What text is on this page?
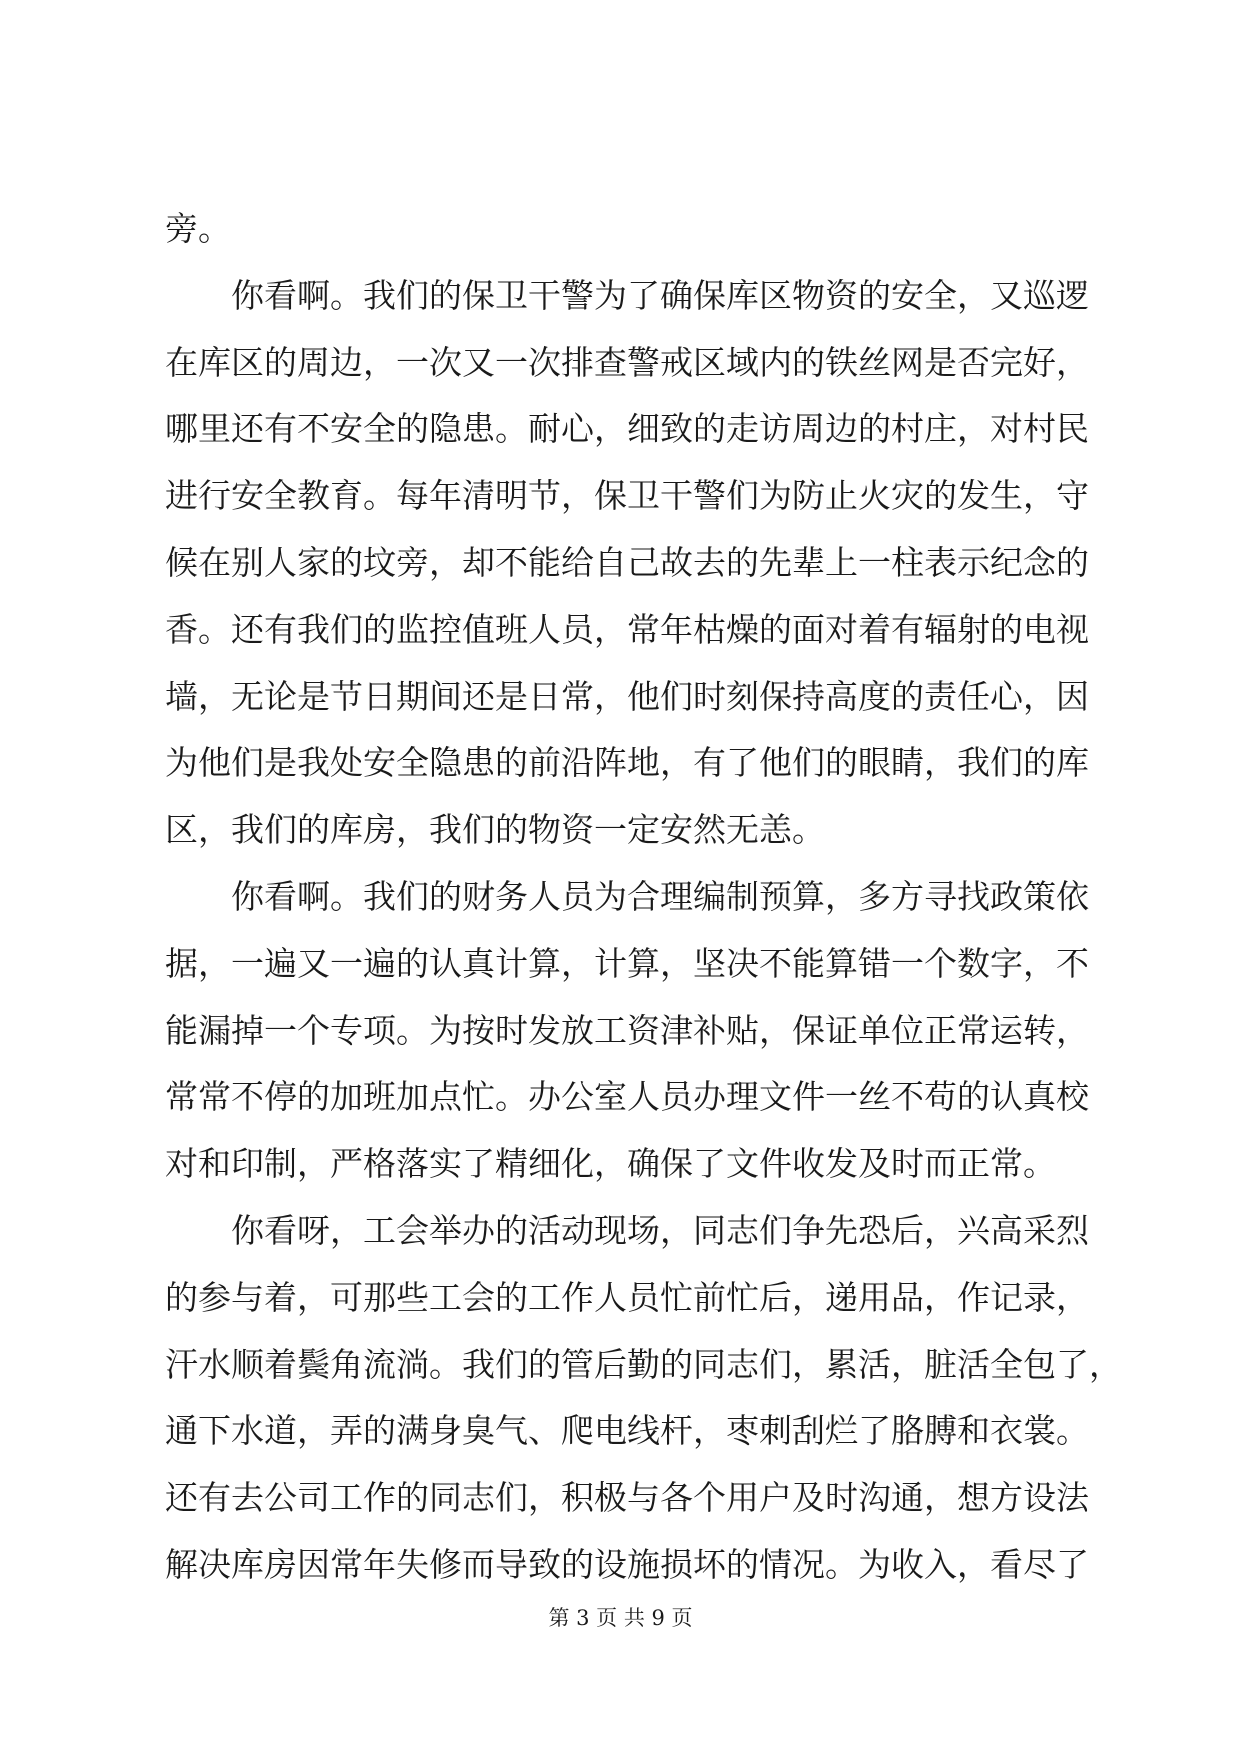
旁。
你看啊。我们的保卫干警为了确保库区物资的安全，又巡逻
在库区的周边，一次又一次排查警戒区域内的铁丝网是否完好，
哪里还有不安全的隐患。耐心，细致的走访周边的村庄，对村民
进行安全教育。每年清明节，保卫干警们为防止火灾的发生，守
候在别人家的坟旁，却不能给自己故去的先辈上一柱表示纪念的
香。还有我们的监控值班人员，常年枯燥的面对着有辐射的电视
墙，无论是节日期间还是日常，他们时刻保持高度的责任心，因
为他们是我处安全隐患的前沿阵地，有了他们的眼睛，我们的库
区，我们的库房，我们的物资一定安然无恙。
你看啊。我们的财务人员为合理编制预算，多方寻找政策依
据，一遍又一遍的认真计算，计算，坚决不能算错一个数字，不
能漏掉一个专项。为按时发放工资津补贴，保证单位正常运转，
常常不停的加班加点忙。办公室人员办理文件一丝不苟的认真校
对和印制，严格落实了精细化，确保了文件收发及时而正常。
你看呀，工会举办的活动现场，同志们争先恐后，兴高采烈
的参与着，可那些工会的工作人员忙前忙后，递用品，作记录，
汗水顺着鬓角流淌。我们的管后勤的同志们，累活，脏活全包了，
通下水道，弄的满身臭气、爬电线杆，枣刺刮烂了胳膊和衣裳。
还有去公司工作的同志们，积极与各个用户及时沟通，想方设法
解决库房因常年失修而导致的设施损坏的情况。为收入，看尽了
第 3 页 共 9 页
